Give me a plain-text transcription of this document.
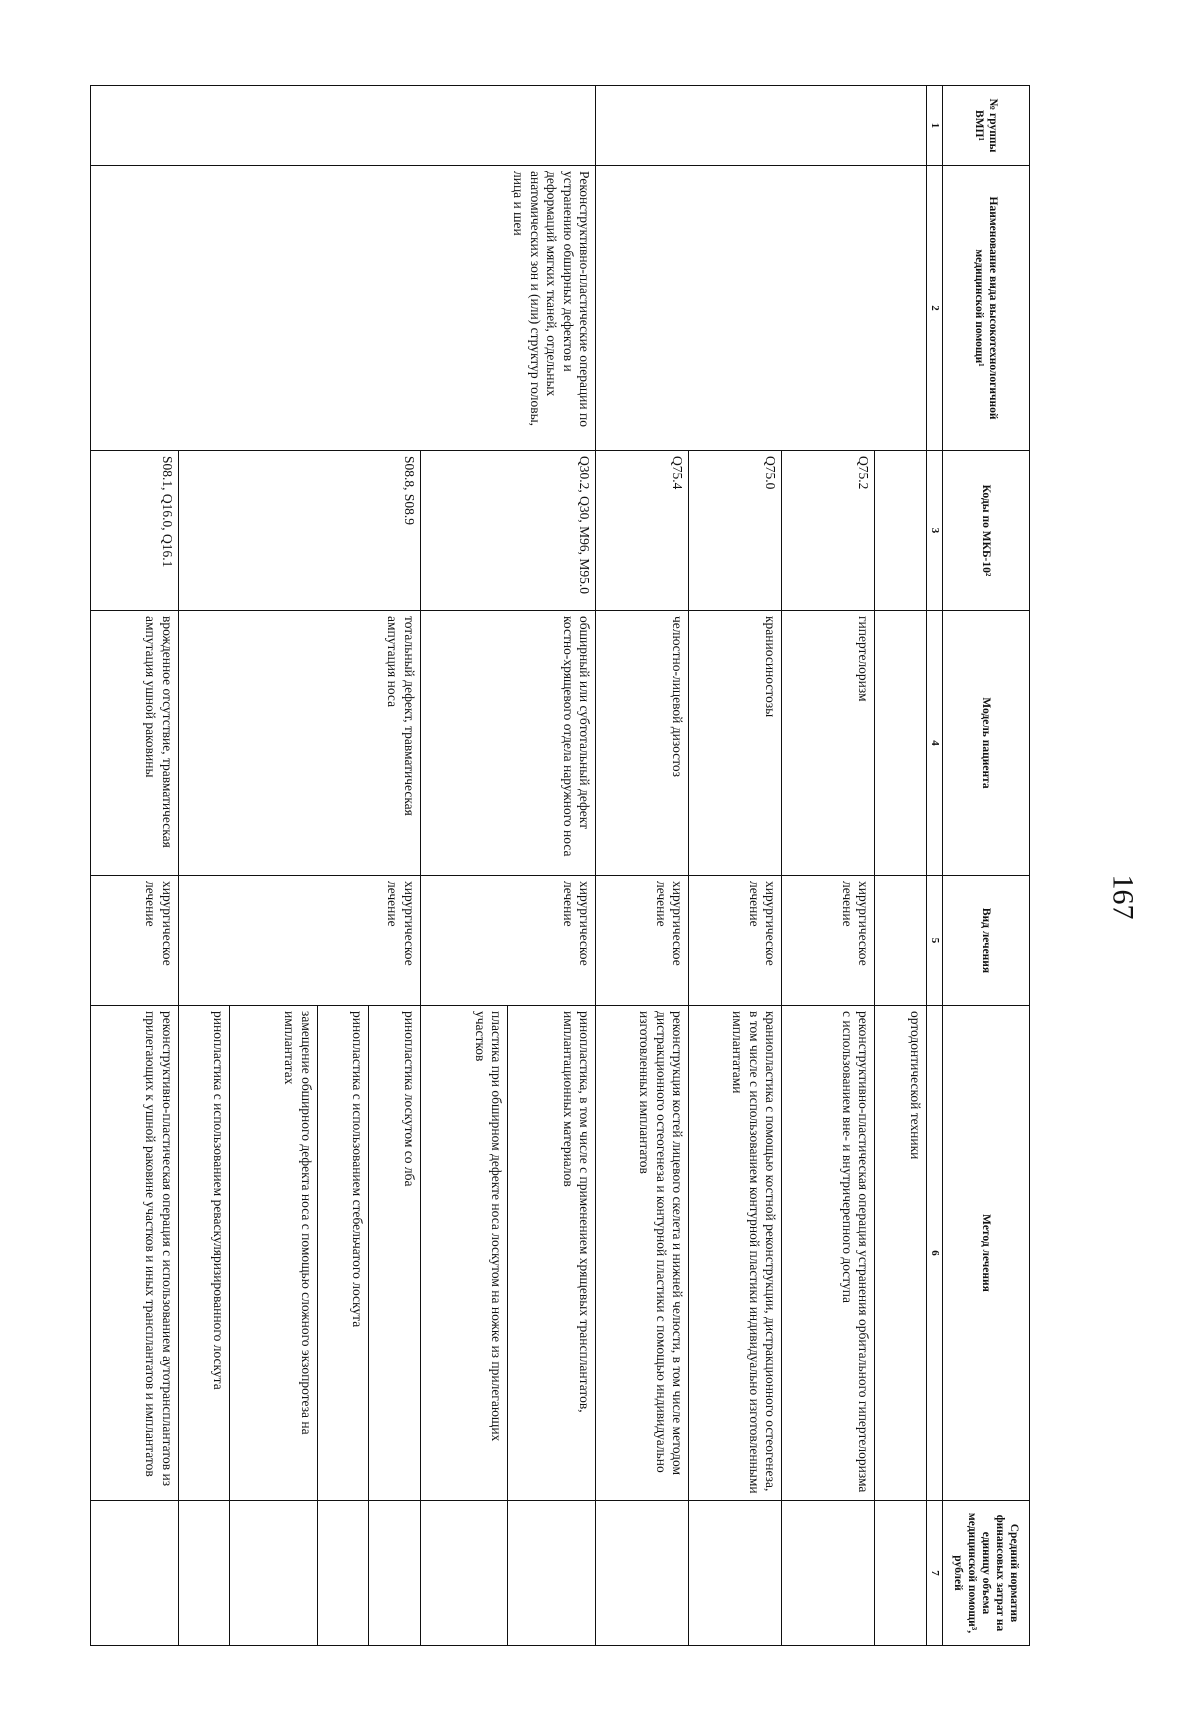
167
№ группы ВМП¹	Наименование вида высокотехнологичной медицинской помощи¹	Коды по МКБ-10²	Модель пациента	Вид лечения	Метод лечения	Средний норматив финансовых затрат на единицу объема медицинской помощи³, рублей
1	2	3	4	5	6	7
					ортодонтической техники	
		Q75.2	гипертелоризм	хирургическое лечение	реконструктивно-пластическая операция устранения орбитального гипертелоризма с использованием вне- и внутричерепного доступа	
		Q75.0	краниосиностозы	хирургическое лечение	краниопластика с помощью костной реконструкции, дистракционного остеогенеза, в том числе с использованием контурной пластики индивидуально изготовленными имплантатами	
		Q75.4	челюстно-лицевой дизостоз	хирургическое лечение	реконструкция костей лицевого скелета и нижней челюсти, в том числе методом дистракционного остеогенеза и контурной пластики с помощью индивидуально изготовленных имплантатов	
	Реконструктивно-пластические операции по устранению обширных дефектов и деформаций мягких тканей, отдельных анатомических зон и (или) структур головы, лица и шеи	Q30.2, Q30, M96, M95.0	обширный или субтотальный дефект костно-хрящевого отдела наружного носа	хирургическое лечение	ринопластика, в том числе с применением хрящевых трансплантатов, имплантационных материалов	
					пластика при обширном дефекте носа лоскутом на ножке из прилегающих участков	
		S08.8, S08.9	тотальный дефект, травматическая ампутация носа	хирургическое лечение	ринопластика лоскутом со лба	
					ринопластика с использованием стебельчатого лоскута	
					замещение обширного дефекта носа с помощью сложного экзопротеза на имплантатах	
					ринопластика с использованием реваскуляризированного лоскута	
		S08.1, Q16.0, Q16.1	врожденное отсутствие, травматическая ампутация ушной раковины	хирургическое лечение	реконструктивно-пластическая операция с использованием аутотрансплантатов из прилегающих к ушной раковине участков и иных трансплантатов и имплантатов	
